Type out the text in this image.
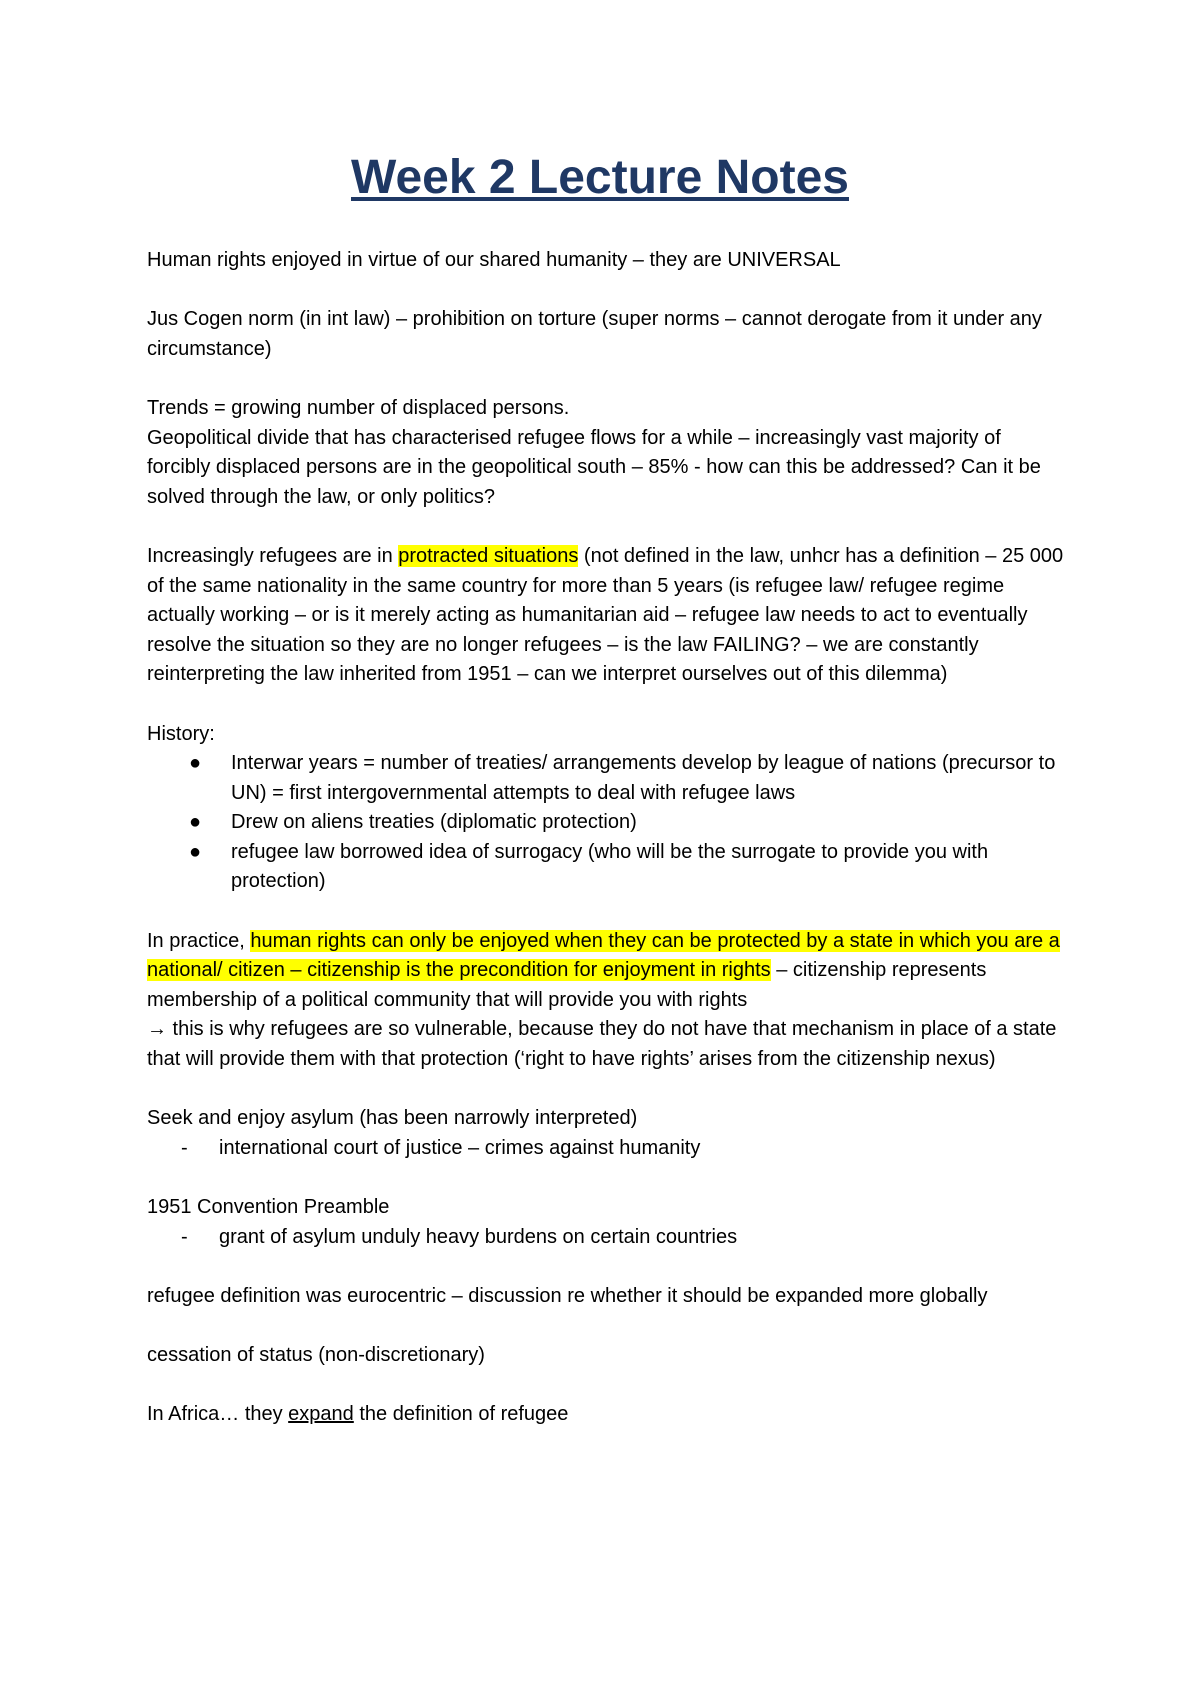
Week 2 Lecture Notes

Human rights enjoyed in virtue of our shared humanity – they are UNIVERSAL

Jus Cogen norm (in int law) – prohibition on torture (super norms – cannot derogate from it under any circumstance)

Trends = growing number of displaced persons.

Geopolitical divide that has characterised refugee flows for a while – increasingly vast majority of forcibly displaced persons are in the geopolitical south – 85% - how can this be addressed? Can it be solved through the law, or only politics?

Increasingly refugees are in protracted situations (not defined in the law, unhcr has a definition – 25 000 of the same nationality in the same country for more than 5 years (is refugee law/ refugee regime actually working – or is it merely acting as humanitarian aid – refugee law needs to act to eventually resolve the situation so they are no longer refugees – is the law FAILING? – we are constantly reinterpreting the law inherited from 1951 – can we interpret ourselves out of this dilemma)

History:

● Interwar years = number of treaties/ arrangements develop by league of nations (precursor to UN) = first intergovernmental attempts to deal with refugee laws
● Drew on aliens treaties (diplomatic protection)
● refugee law borrowed idea of surrogacy (who will be the surrogate to provide you with protection)

In practice, human rights can only be enjoyed when they can be protected by a state in which you are a national/ citizen – citizenship is the precondition for enjoyment in rights – citizenship represents membership of a political community that will provide you with rights
→ this is why refugees are so vulnerable, because they do not have that mechanism in place of a state that will provide them with that protection (‘right to have rights’ arises from the citizenship nexus)

Seek and enjoy asylum (has been narrowly interpreted)

- international court of justice – crimes against humanity

1951 Convention Preamble

- grant of asylum unduly heavy burdens on certain countries

refugee definition was eurocentric – discussion re whether it should be expanded more globally

cessation of status (non-discretionary)

In Africa… they expand the definition of refugee
